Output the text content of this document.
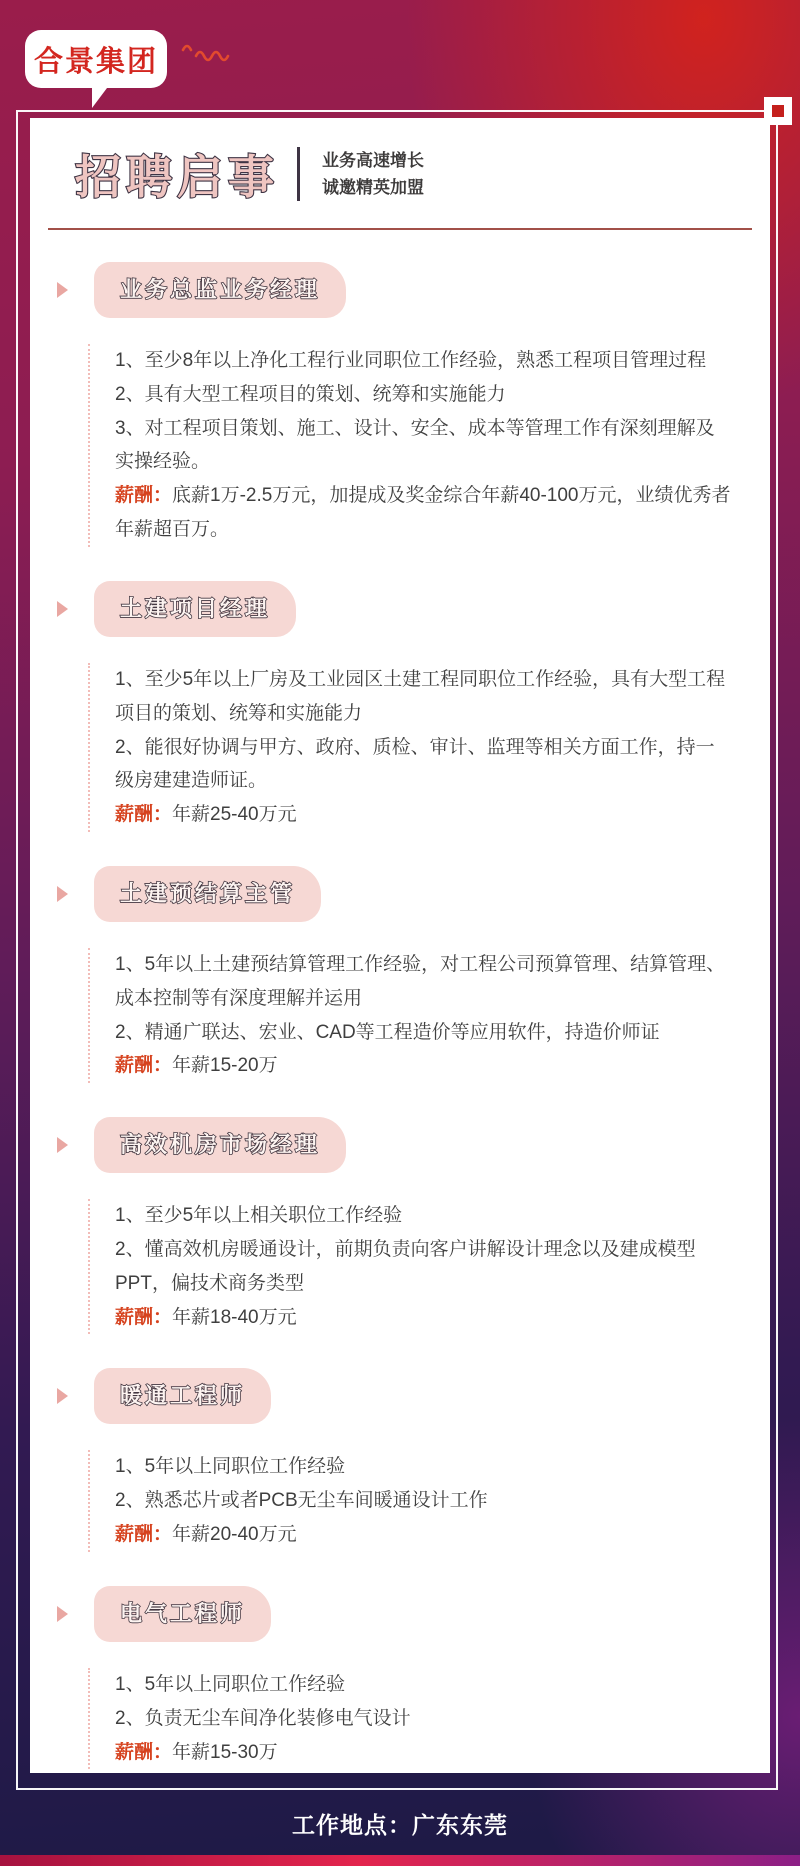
合景集团
招聘启事	业务高速增长
诚邀精英加盟
业务总监业务经理

1、至少8年以上净化工程行业同职位工作经验，熟悉工程项目管理过程

2、具有大型工程项目的策划、统筹和实施能力

3、对工程项目策划、施工、设计、安全、成本等管理工作有深刻理解及实操经验。

薪酬：底薪1万-2.5万元，加提成及奖金综合年薪40-100万元，业绩优秀者年薪超百万。

土建项目经理

1、至少5年以上厂房及工业园区土建工程同职位工作经验，具有大型工程项目的策划、统筹和实施能力

2、能很好协调与甲方、政府、质检、审计、监理等相关方面工作，持一级房建建造师证。

薪酬：年薪25-40万元

土建预结算主管

1、5年以上土建预结算管理工作经验，对工程公司预算管理、结算管理、成本控制等有深度理解并运用

2、精通广联达、宏业、CAD等工程造价等应用软件，持造价师证

薪酬：年薪15-20万

高效机房市场经理

1、至少5年以上相关职位工作经验

2、懂高效机房暖通设计，前期负责向客户讲解设计理念以及建成模型PPT，偏技术商务类型

薪酬：年薪18-40万元

暖通工程师

1、5年以上同职位工作经验

2、熟悉芯片或者PCB无尘车间暖通设计工作

薪酬：年薪20-40万元

电气工程师

1、5年以上同职位工作经验

2、负责无尘车间净化装修电气设计

薪酬：年薪15-30万

工作地点：广东东莞
